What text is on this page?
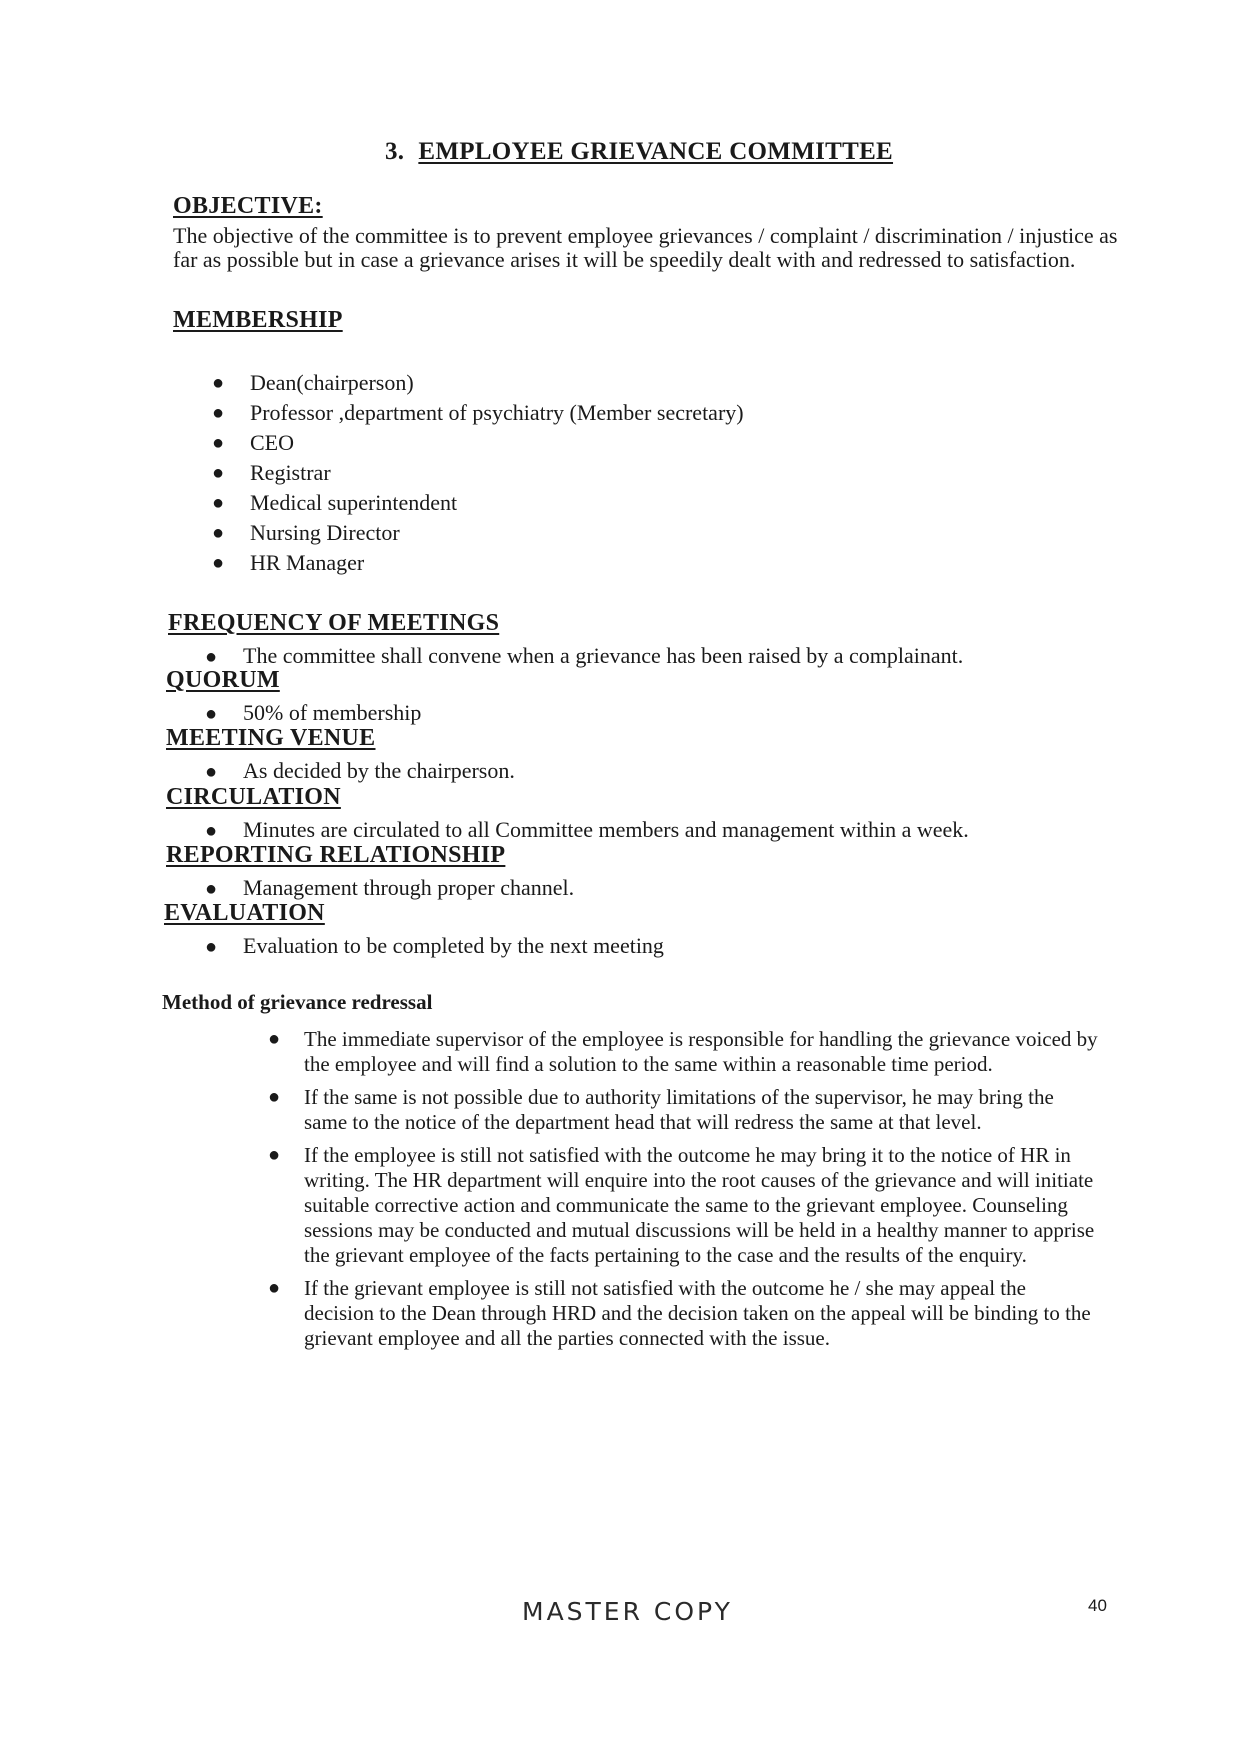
3. EMPLOYEE GRIEVANCE COMMITTEE
OBJECTIVE:
The objective of the committee is to prevent employee grievances / complaint / discrimination / injustice as far as possible but in case a grievance arises it will be speedily dealt with and redressed to satisfaction.
MEMBERSHIP
● Dean(chairperson)
● Professor ,department of psychiatry (Member secretary)
● CEO
● Registrar
● Medical superintendent
● Nursing Director
● HR Manager
FREQUENCY OF MEETINGS
● The committee shall convene when a grievance has been raised by a complainant.
QUORUM
● 50% of membership
MEETING VENUE
● As decided by the chairperson.
CIRCULATION
● Minutes are circulated to all Committee members and management within a week.
REPORTING RELATIONSHIP
● Management through proper channel.
EVALUATION
● Evaluation to be completed by the next meeting
Method of grievance redressal
● The immediate supervisor of the employee is responsible for handling the grievance voiced by the employee and will find a solution to the same within a reasonable time period.
● If the same is not possible due to authority limitations of the supervisor, he may bring the same to the notice of the department head that will redress the same at that level.
● If the employee is still not satisfied with the outcome he may bring it to the notice of HR in writing. The HR department will enquire into the root causes of the grievance and will initiate suitable corrective action and communicate the same to the grievant employee. Counseling sessions may be conducted and mutual discussions will be held in a healthy manner to apprise the grievant employee of the facts pertaining to the case and the results of the enquiry.
● If the grievant employee is still not satisfied with the outcome he / she may appeal the decision to the Dean through HRD and the decision taken on the appeal will be binding to the grievant employee and all the parties connected with the issue.
MASTER COPY	40
